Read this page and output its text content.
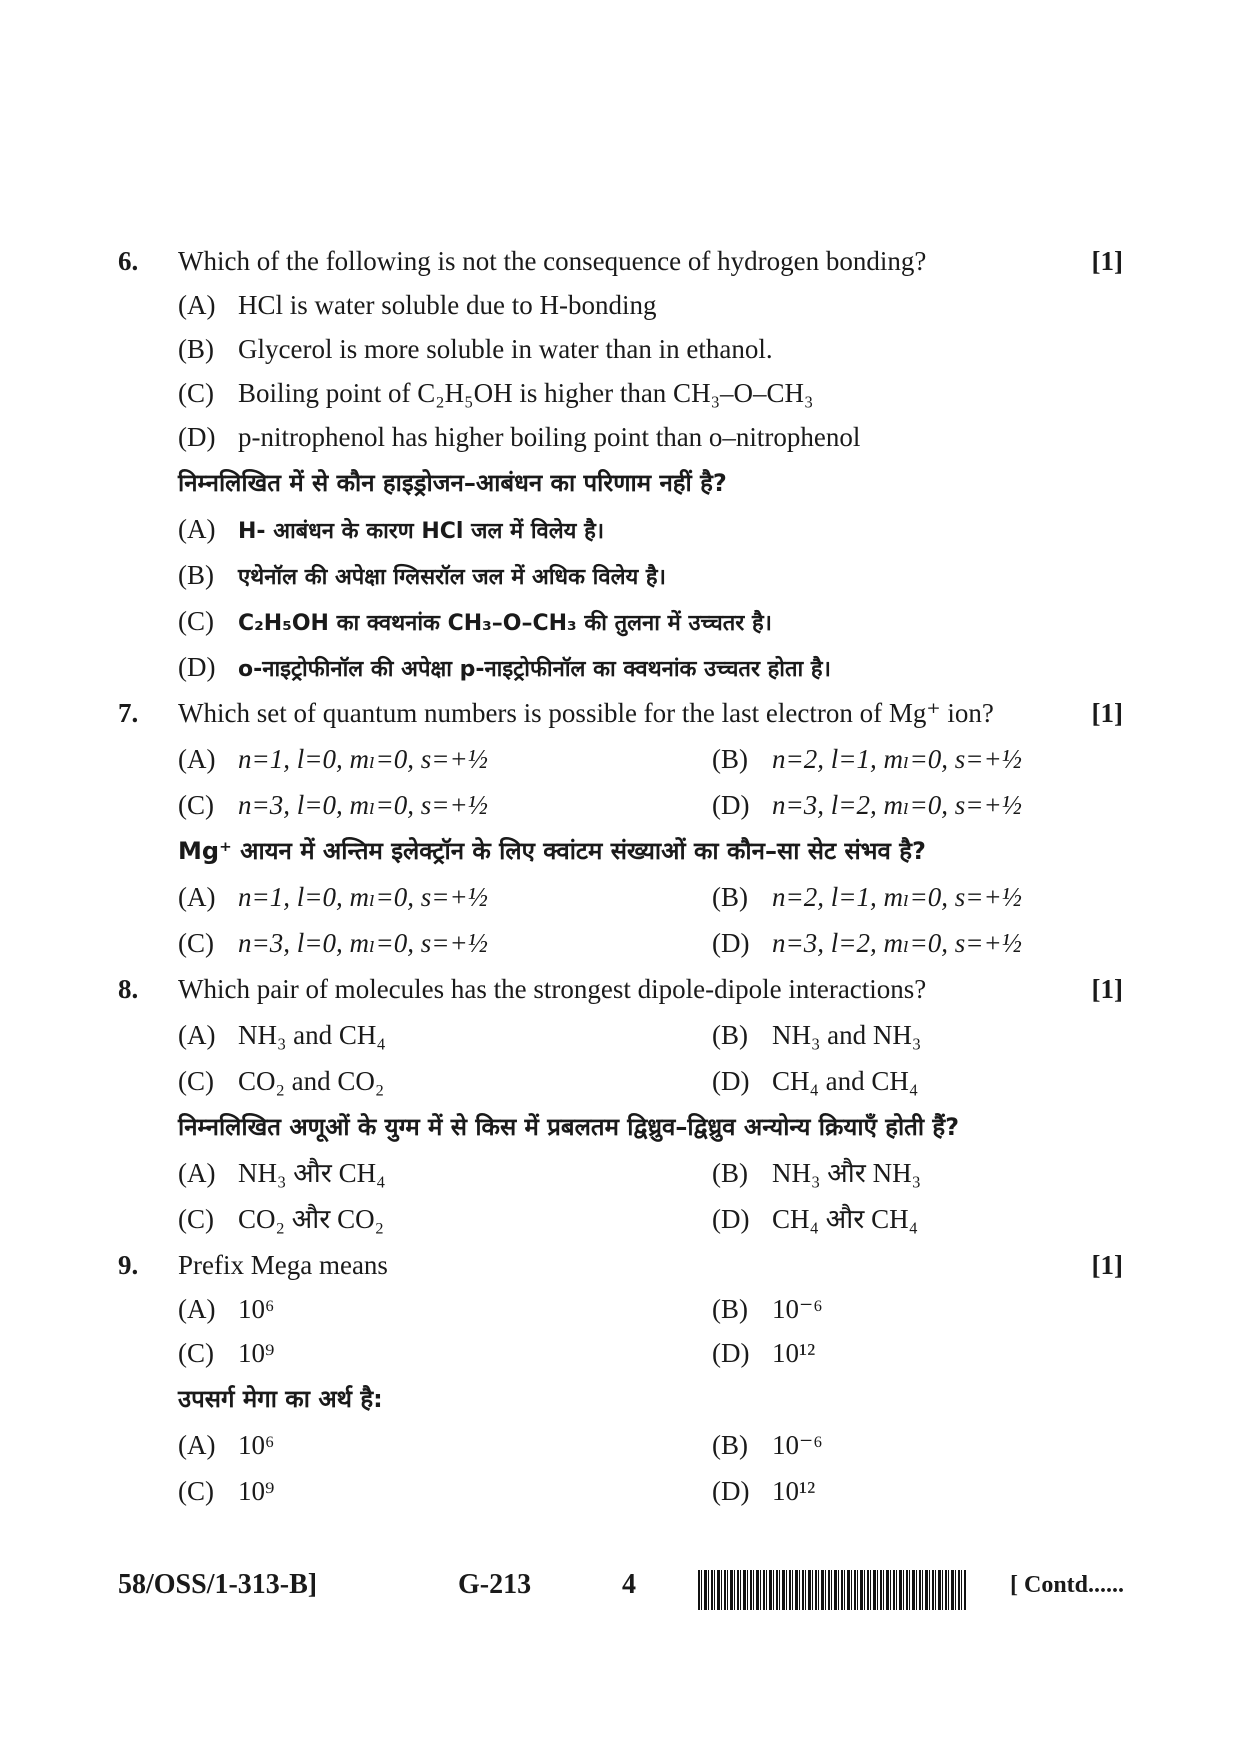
6.	Which of the following is not the consequence of hydrogen bonding?	[1]
(A) HCl is water soluble due to H-bonding
(B) Glycerol is more soluble in water than in ethanol.
(C) Boiling point of C₂H₅OH is higher than CH₃–O–CH₃
(D) p-nitrophenol has higher boiling point than o–nitrophenol
निम्नलिखित में से कौन हाइड्रोजन–आबंधन का परिणाम नहीं है?
(A) H- आबंधन के कारण HCl जल में विलेय है।
(B) एथेनॉल की अपेक्षा ग्लिसरॉल जल में अधिक विलेय है।
(C) C₂H₅OH का क्वथनांक CH₃–O–CH₃ की तुलना में उच्चतर है।
(D) o-नाइट्रोफीनॉल की अपेक्षा p-नाइट्रोफीनॉल का क्वथनांक उच्चतर होता है।
7.	Which set of quantum numbers is possible for the last electron of Mg⁺ ion?	[1]
(A) n=1, l=0, mₗ=0, s=+½	(B) n=2, l=1, mₗ=0, s=+½
(C) n=3, l=0, mₗ=0, s=+½	(D) n=3, l=2, mₗ=0, s=+½
Mg⁺ आयन में अन्तिम इलेक्ट्रॉन के लिए क्वांटम संख्याओं का कौन–सा सेट संभव है?
(A) n=1, l=0, mₗ=0, s=+½	(B) n=2, l=1, mₗ=0, s=+½
(C) n=3, l=0, mₗ=0, s=+½	(D) n=3, l=2, mₗ=0, s=+½
8.	Which pair of molecules has the strongest dipole-dipole interactions?	[1]
(A) NH₃ and CH₄	(B) NH₃ and NH₃
(C) CO₂ and CO₂	(D) CH₄ and CH₄
निम्नलिखित अणूओं के युग्म में से किस में प्रबलतम द्विध्रुव–द्विध्रुव अन्योन्य क्रियाएँ होती हैं?
(A) NH₃ और CH₄	(B) NH₃ और NH₃
(C) CO₂ और CO₂	(D) CH₄ और CH₄
9.	Prefix Mega means	[1]
(A) 10⁶	(B) 10⁻⁶
(C) 10⁹	(D) 10¹²
उपसर्ग मेगा का अर्थ है:
(A) 10⁶	(B) 10⁻⁶
(C) 10⁹	(D) 10¹²
58/OSS/1-313-B]	G-213	4	[ Contd......
